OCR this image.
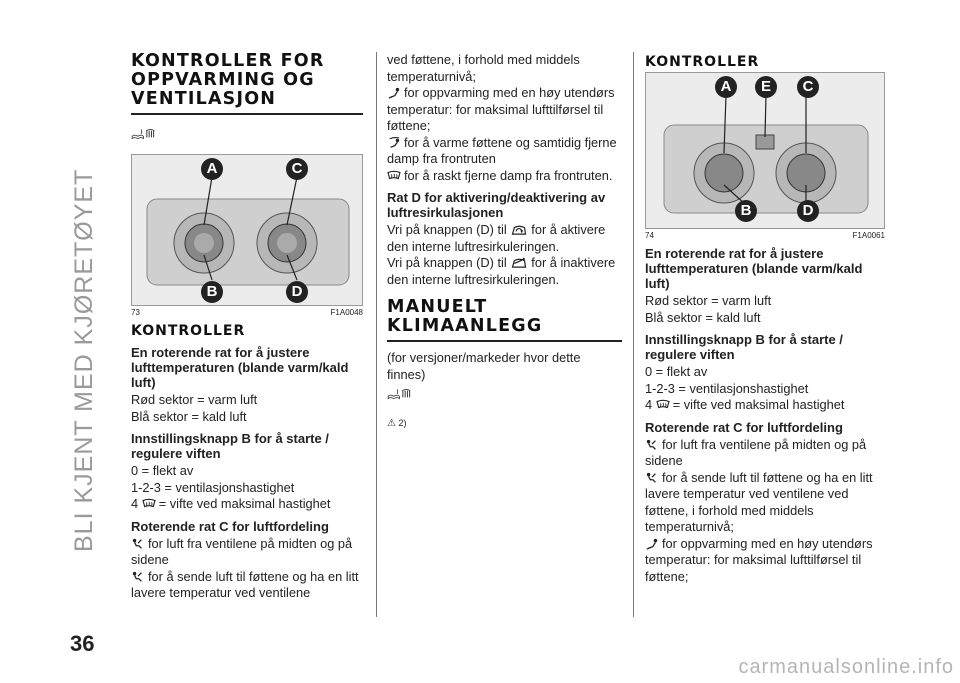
BLI KJENT MED KJØRETØYET
36
carmanualsonline.info
KONTROLLER FOR OPPVARMING OG VENTILASJON
A	C
B	D
73	F1A0048
KONTROLLER
En roterende rat for å justere lufttemperaturen (blande varm/kald luft)

Rød sektor = varm luft

Blå sektor = kald luft

Innstillingsknapp B for å starte / regulere viften

0 = flekt av

1-2-3 = ventilasjonshastighet

4 = vifte ved maksimal hastighet

Roterende rat C for luftfordeling

for luft fra ventilene på midten og på sidene

for å sende luft til føttene og ha en litt lavere temperatur ved ventilene

ved føttene, i forhold med middels temperaturnivå;

for oppvarming med en høy utendørs temperatur: for maksimal lufttilførsel til føttene;

for å varme føttene og samtidig fjerne damp fra frontruten

for å raskt fjerne damp fra frontruten.

Rat D for aktivering/deaktivering av luftresirkulasjonen

Vri på knappen (D) til for å aktivere den interne luftresirkuleringen.

Vri på knappen (D) til for å inaktivere den interne luftresirkuleringen.

MANUELT KLIMAANLEGG

(for versjoner/markeder hvor dette finnes)

⚠ 2)
KONTROLLER
A E C
B	D
74	F1A0061
En roterende rat for å justere lufttemperaturen (blande varm/kald luft)

Rød sektor = varm luft

Blå sektor = kald luft

Innstillingsknapp B for å starte / regulere viften

0 = flekt av

1-2-3 = ventilasjonshastighet

4 = vifte ved maksimal hastighet

Roterende rat C for luftfordeling

for luft fra ventilene på midten og på sidene

for å sende luft til føttene og ha en litt lavere temperatur ved ventilene ved føttene, i forhold med middels temperaturnivå;

for oppvarming med en høy utendørs temperatur: for maksimal lufttilførsel til føttene;
